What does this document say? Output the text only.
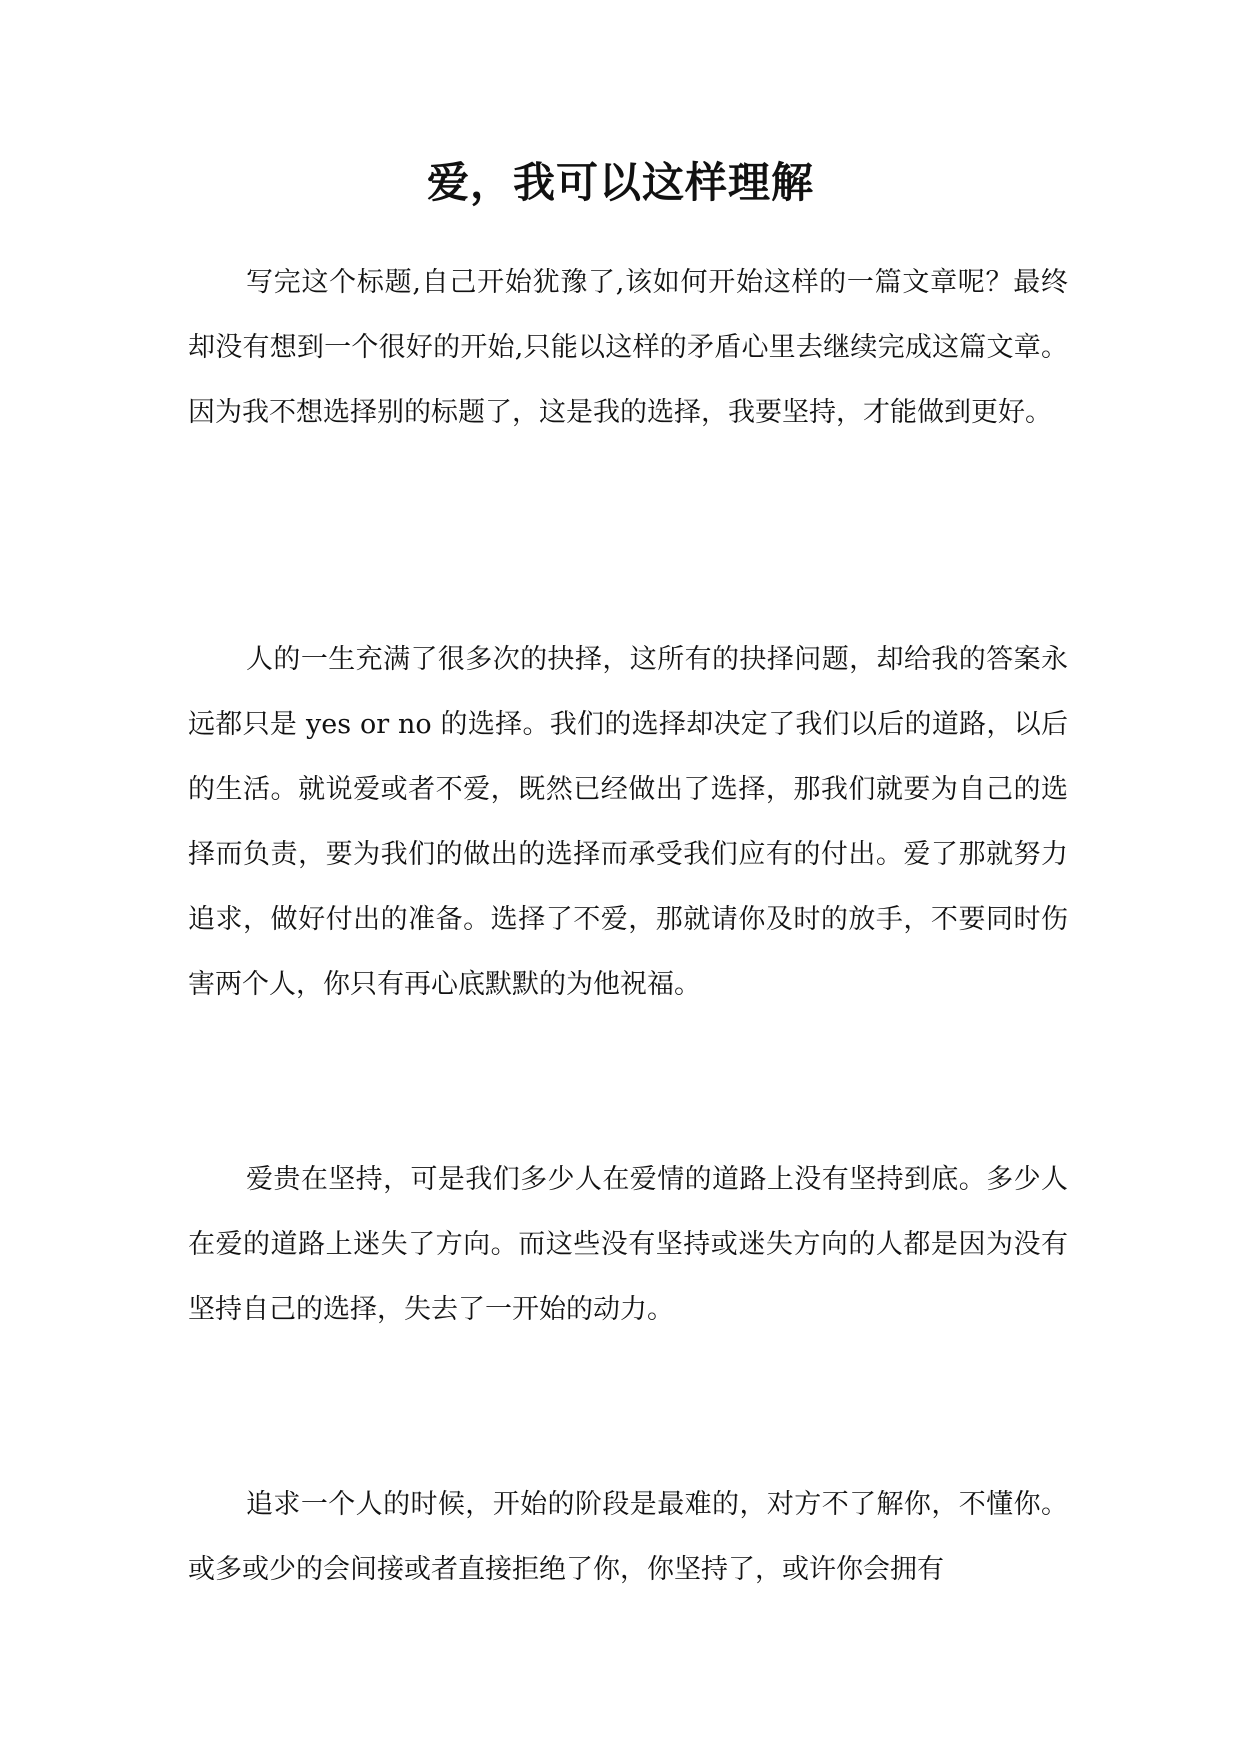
爱，我可以这样理解

写完这个标题,自己开始犹豫了,该如何开始这样的一篇文章呢？最终却没有想到一个很好的开始,只能以这样的矛盾心里去继续完成这篇文章。因为我不想选择别的标题了，这是我的选择，我要坚持，才能做到更好。

人的一生充满了很多次的抉择，这所有的抉择问题，却给我的答案永远都只是 yes or no 的选择。我们的选择却决定了我们以后的道路，以后的生活。就说爱或者不爱，既然已经做出了选择，那我们就要为自己的选择而负责，要为我们的做出的选择而承受我们应有的付出。爱了那就努力追求，做好付出的准备。选择了不爱，那就请你及时的放手，不要同时伤害两个人，你只有再心底默默的为他祝福。

爱贵在坚持，可是我们多少人在爱情的道路上没有坚持到底。多少人在爱的道路上迷失了方向。而这些没有坚持或迷失方向的人都是因为没有坚持自己的选择，失去了一开始的动力。

追求一个人的时候，开始的阶段是最难的，对方不了解你，不懂你。或多或少的会间接或者直接拒绝了你，你坚持了，或许你会拥有
